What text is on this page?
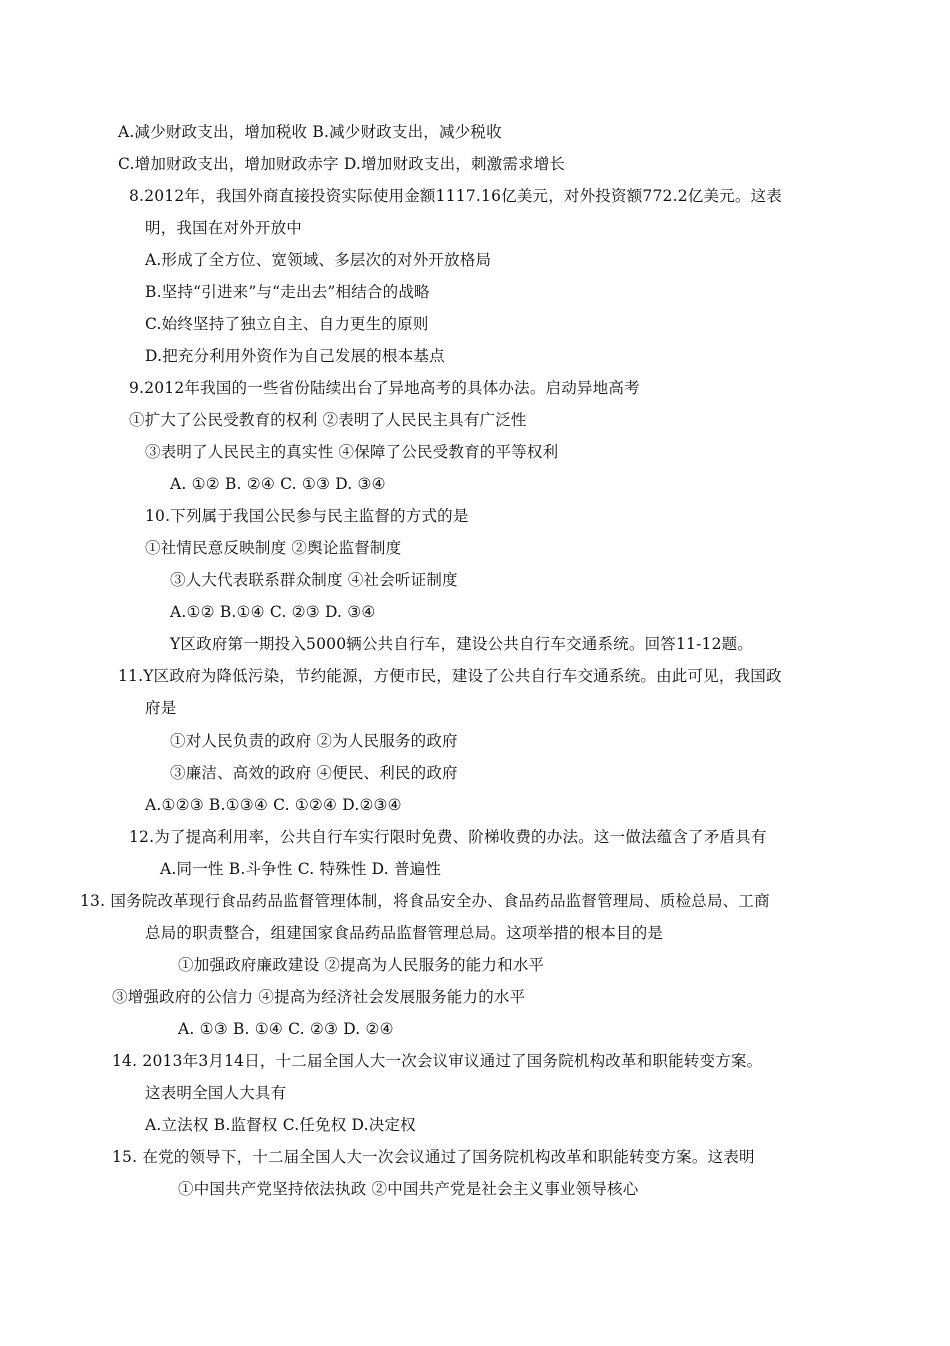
A.减少财政支出，增加税收 B.减少财政支出，减少税收
C.增加财政支出，增加财政赤字 D.增加财政支出，刺激需求增长
8.2012年，我国外商直接投资实际使用金额1117.16亿美元，对外投资额772.2亿美元。这表
明，我国在对外开放中
A.形成了全方位、宽领域、多层次的对外开放格局
B.坚持“引进来”与“走出去”相结合的战略
C.始终坚持了独立自主、自力更生的原则
D.把充分利用外资作为自己发展的根本基点
9.2012年我国的一些省份陆续出台了异地高考的具体办法。启动异地高考
①扩大了公民受教育的权利 ②表明了人民民主具有广泛性
③表明了人民民主的真实性 ④保障了公民受教育的平等权利
A. ①② B. ②④ C. ①③ D. ③④
10.下列属于我国公民参与民主监督的方式的是
①社情民意反映制度 ②舆论监督制度
③人大代表联系群众制度 ④社会听证制度
A.①② B.①④ C. ②③ D. ③④
Y区政府第一期投入5000辆公共自行车，建设公共自行车交通系统。回答11-12题。
11.Y区政府为降低污染，节约能源，方便市民，建设了公共自行车交通系统。由此可见，我国政
府是
①对人民负责的政府 ②为人民服务的政府
③廉洁、高效的政府 ④便民、利民的政府
A.①②③ B.①③④ C. ①②④ D.②③④
12.为了提高利用率，公共自行车实行限时免费、阶梯收费的办法。这一做法蕴含了矛盾具有
A.同一性 B.斗争性 C. 特殊性 D. 普遍性
13. 国务院改革现行食品药品监督管理体制，将食品安全办、食品药品监督管理局、质检总局、工商
总局的职责整合，组建国家食品药品监督管理总局。这项举措的根本目的是
①加强政府廉政建设 ②提高为人民服务的能力和水平
③增强政府的公信力 ④提高为经济社会发展服务能力的水平
A. ①③ B. ①④ C. ②③ D. ②④
14. 2013年3月14日，十二届全国人大一次会议审议通过了国务院机构改革和职能转变方案。
这表明全国人大具有
A.立法权 B.监督权 C.任免权 D.决定权
15. 在党的领导下，十二届全国人大一次会议通过了国务院机构改革和职能转变方案。这表明
①中国共产党坚持依法执政 ②中国共产党是社会主义事业领导核心
